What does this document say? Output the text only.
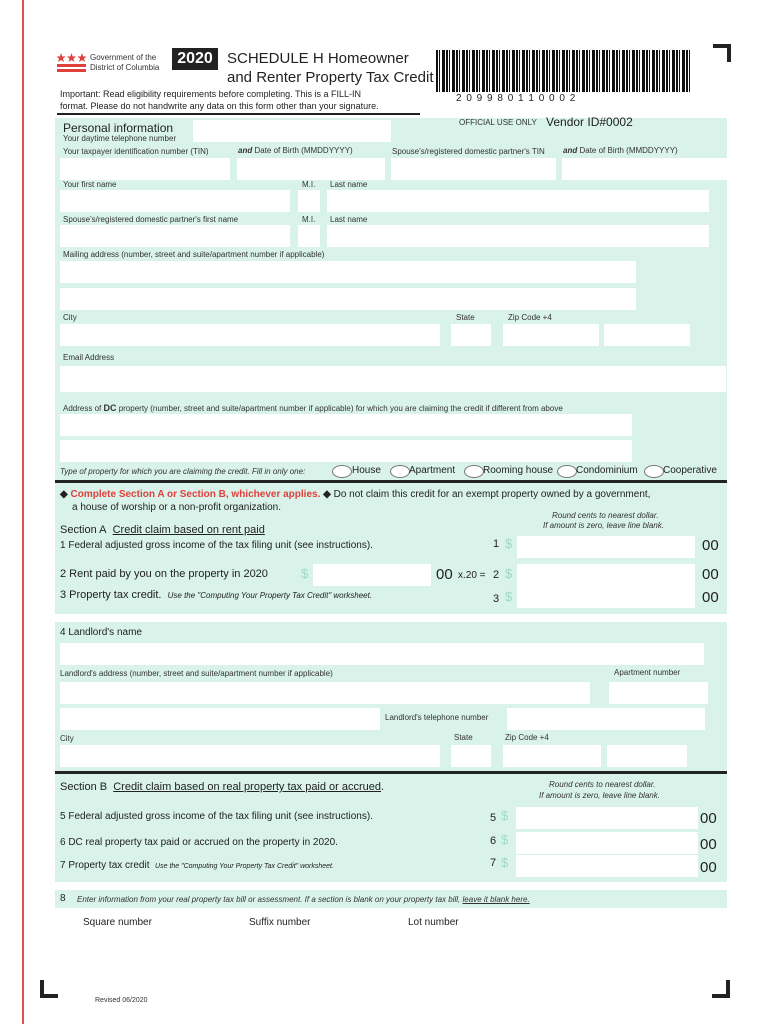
Government of the
District of Columbia
2020 SCHEDULE H Homeowner
and Renter Property Tax Credit
2 0 9 9 8 0 1 1 0 0 0 2
Important: Read eligibility requirements before completing. This is a FILL-IN
format. Please do not handwrite any data on this form other than your signature.
OFFICIAL USE ONLY Vendor ID#0002
Personal information
Your daytime telephone number
Your taxpayer identification number (TIN)	and Date of Birth (MMDDYYYY)	Spouse's/registered domestic partner's TIN and Date of Birth (MMDDYYYY)
Your first name	M.I. Last name
Spouse's/registered domestic partner's first name	M.I. Last name
Mailing address (number, street and suite/apartment number if applicable)
City	State	Zip Code +4
Email Address
Address of DC property (number, street and suite/apartment number if applicable) for which you are claiming the credit if different from above
Type of property for which you are claiming the credit. Fill in only one:	House	Apartment	Rooming house Condominium	Cooperative
◆ Complete Section A or Section B, whichever applies. ◆ Do not claim this credit for an exempt property owned by a government,
a house of worship or a non-profit organization.
Round cents to nearest dollar.
If amount is zero, leave line blank.
Section A Credit claim based on rent paid
1 Federal adjusted gross income of the tax filing unit (see instructions).	1 $	00
2 Rent paid by you on the property in 2020	$	00 x.20 = 2 $	00
3 Property tax credit. Use the "Computing Your Property Tax Credit" worksheet.	3 $	00
4 Landlord's name
Landlord's address (number, street and suite/apartment number if applicable)	Apartment number
Landlord's telephone number
City	State	Zip Code +4
Section B Credit claim based on real property tax paid or accrued.	Round cents to nearest dollar.
If amount is zero, leave line blank.
5 Federal adjusted gross income of the tax filing unit (see instructions).	5 $	00
6 DC real property tax paid or accrued on the property in 2020.	6 $	00
7 Property tax credit Use the "Computing Your Property Tax Credit" worksheet.	7 $	00
8 Enter information from your real property tax bill or assessment. If a section is blank on your property tax bill, leave it blank here.
Square number	Suffix number	Lot number
Revised 06/2020
